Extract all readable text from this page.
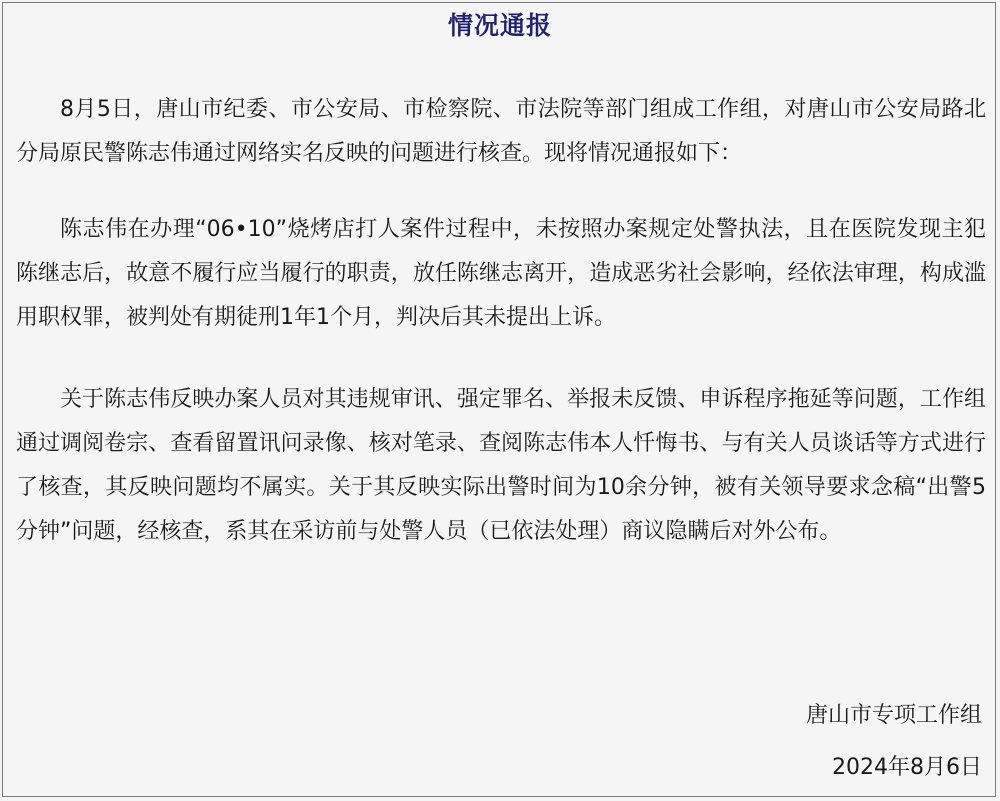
情况通报

8月5日，唐山市纪委、市公安局、市检察院、市法院等部门组成工作组，对唐山市公安局路北分局原民警陈志伟通过网络实名反映的问题进行核查。现将情况通报如下：

陈志伟在办理“06•10”烧烤店打人案件过程中，未按照办案规定处警执法，且在医院发现主犯陈继志后，故意不履行应当履行的职责，放任陈继志离开，造成恶劣社会影响，经依法审理，构成滥用职权罪，被判处有期徒刑1年1个月，判决后其未提出上诉。

关于陈志伟反映办案人员对其违规审讯、强定罪名、举报未反馈、申诉程序拖延等问题，工作组通过调阅卷宗、查看留置讯问录像、核对笔录、查阅陈志伟本人忏悔书、与有关人员谈话等方式进行了核查，其反映问题均不属实。关于其反映实际出警时间为10余分钟，被有关领导要求念稿“出警5分钟”问题，经核查，系其在采访前与处警人员（已依法处理）商议隐瞒后对外公布。

唐山市专项工作组
2024年8月6日
